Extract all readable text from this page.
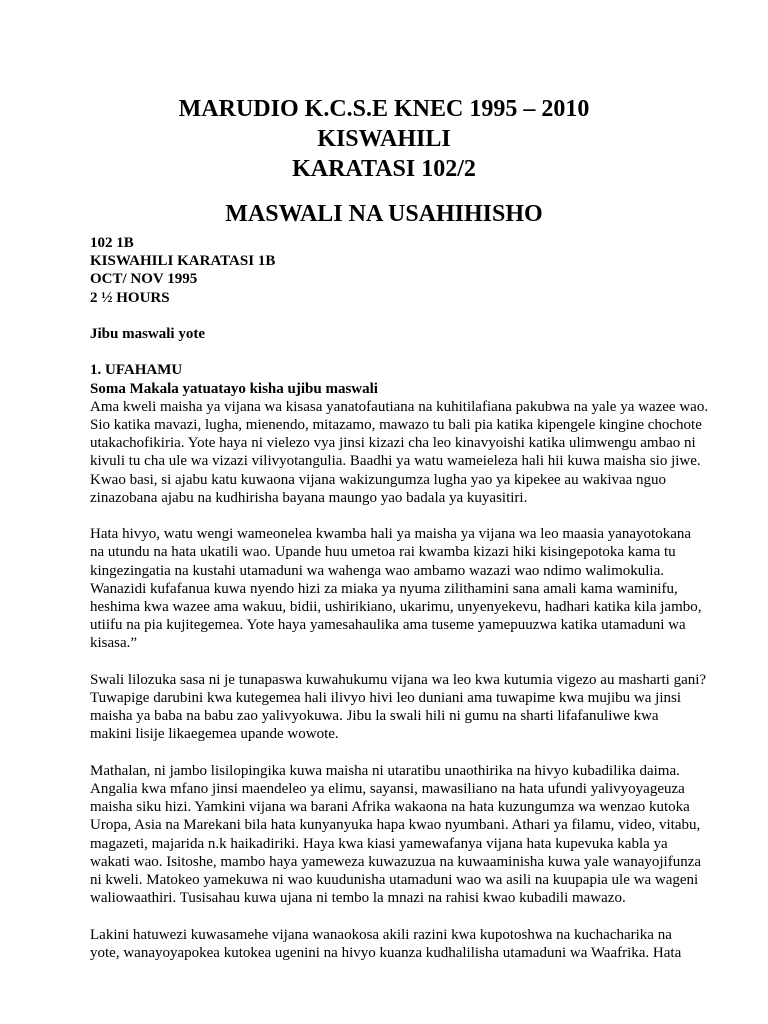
MARUDIO K.C.S.E KNEC 1995 – 2010
KISWAHILI
KARATASI 102/2
MASWALI NA USAHIHISHO
102 1B
KISWAHILI KARATASI 1B
OCT/ NOV 1995
2 ½ HOURS
Jibu maswali yote
1. UFAHAMU
Soma Makala yatuatayo kisha ujibu maswali
Ama kweli maisha ya vijana wa kisasa yanatofautiana na kuhitilafiana pakubwa na yale ya wazee wao.
Sio katika mavazi, lugha, mienendo, mitazamo, mawazo tu bali pia katika kipengele kingine chochote
utakachofikiria. Yote haya ni vielezo vya jinsi kizazi cha leo kinavyoishi katika ulimwengu ambao ni
kivuli tu cha ule wa vizazi vilivyotangulia. Baadhi ya watu wameieleza hali hii kuwa maisha sio jiwe.
Kwao basi, si ajabu katu kuwaona vijana wakizungumza lugha yao ya kipekee au wakivaa nguo
zinazobana ajabu na kudhirisha bayana maungo yao badala ya kuyasitiri.
Hata hivyo, watu wengi wameonelea kwamba hali ya maisha ya vijana wa leo maasia yanayotokana
na utundu na hata ukatili wao. Upande huu umetoa rai kwamba kizazi hiki kisingepotoka kama tu
kingezingatia na kustahi utamaduni wa wahenga wao ambamo wazazi wao ndimo walimokulia.
Wanazidi kufafanua kuwa nyendo hizi za miaka ya nyuma zilithamini sana amali kama waminifu,
heshima kwa wazee ama wakuu, bidii, ushirikiano, ukarimu, unyenyekevu, hadhari katika kila jambo,
utiifu na pia kujitegemea. Yote haya yamesahaulika ama tuseme yamepuuzwa katika utamaduni wa
kisasa.”
Swali lilozuka sasa ni je tunapaswa kuwahukumu vijana wa leo kwa kutumia vigezo au masharti gani?
Tuwapige darubini kwa kutegemea hali ilivyo hivi leo duniani ama tuwapime kwa mujibu wa jinsi
maisha ya baba na babu zao yalivyokuwa. Jibu la swali hili ni gumu na sharti lifafanuliwe kwa
makini lisije likaegemea upande wowote.
Mathalan, ni jambo lisilopingika kuwa maisha ni utaratibu unaothirika na hivyo kubadilika daima.
Angalia kwa mfano jinsi maendeleo ya elimu, sayansi, mawasiliano na hata ufundi yalivyoyageuza
maisha siku hizi. Yamkini vijana wa barani Afrika wakaona na hata kuzungumza wa wenzao kutoka
Uropa, Asia na Marekani bila hata kunyanyuka hapa kwao nyumbani. Athari ya filamu, video, vitabu,
magazeti, majarida n.k haikadiriki. Haya kwa kiasi yamewafanya vijana hata kupevuka kabla ya
wakati wao. Isitoshe, mambo haya yameweza kuwazuzua na kuwaaminisha kuwa yale wanayojifunza
ni kweli. Matokeo yamekuwa ni wao kuudunisha utamaduni wao wa asili na kuupapia ule wa wageni
waliowaathiri. Tusisahau kuwa ujana ni tembo la mnazi na rahisi kwao kubadili mawazo.
Lakini hatuwezi kuwasamehe vijana wanaokosa akili razini kwa kupotoshwa na kuchacharika na
yote, wanayoyapokea kutokea ugenini na hivyo kuanza kudhalilisha utamaduni wa Waafrika. Hata
